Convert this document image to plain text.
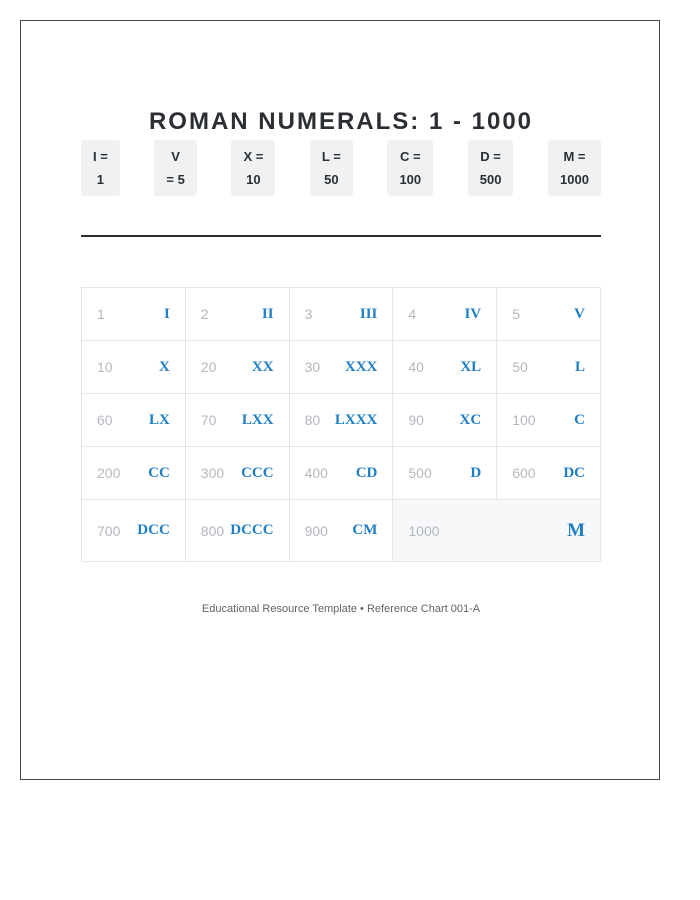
ROMAN NUMERALS: 1 - 1000
I =
1
V
= 5
X =
10
L =
50
C =
100
D =
500
M =
1000
1	I 2	II 3	III 4	IV 5	V
10	X 20 XX 30 XXX 40 XL 50	L
60 LX 70 LXX 80 LXXX 90 XC 100	C
200 CC 300 CCC 400 CD 500	D 600 DC
700 DCC 800 DCCC 900 CM 1000	M
Educational Resource Template • Reference Chart 001-A
